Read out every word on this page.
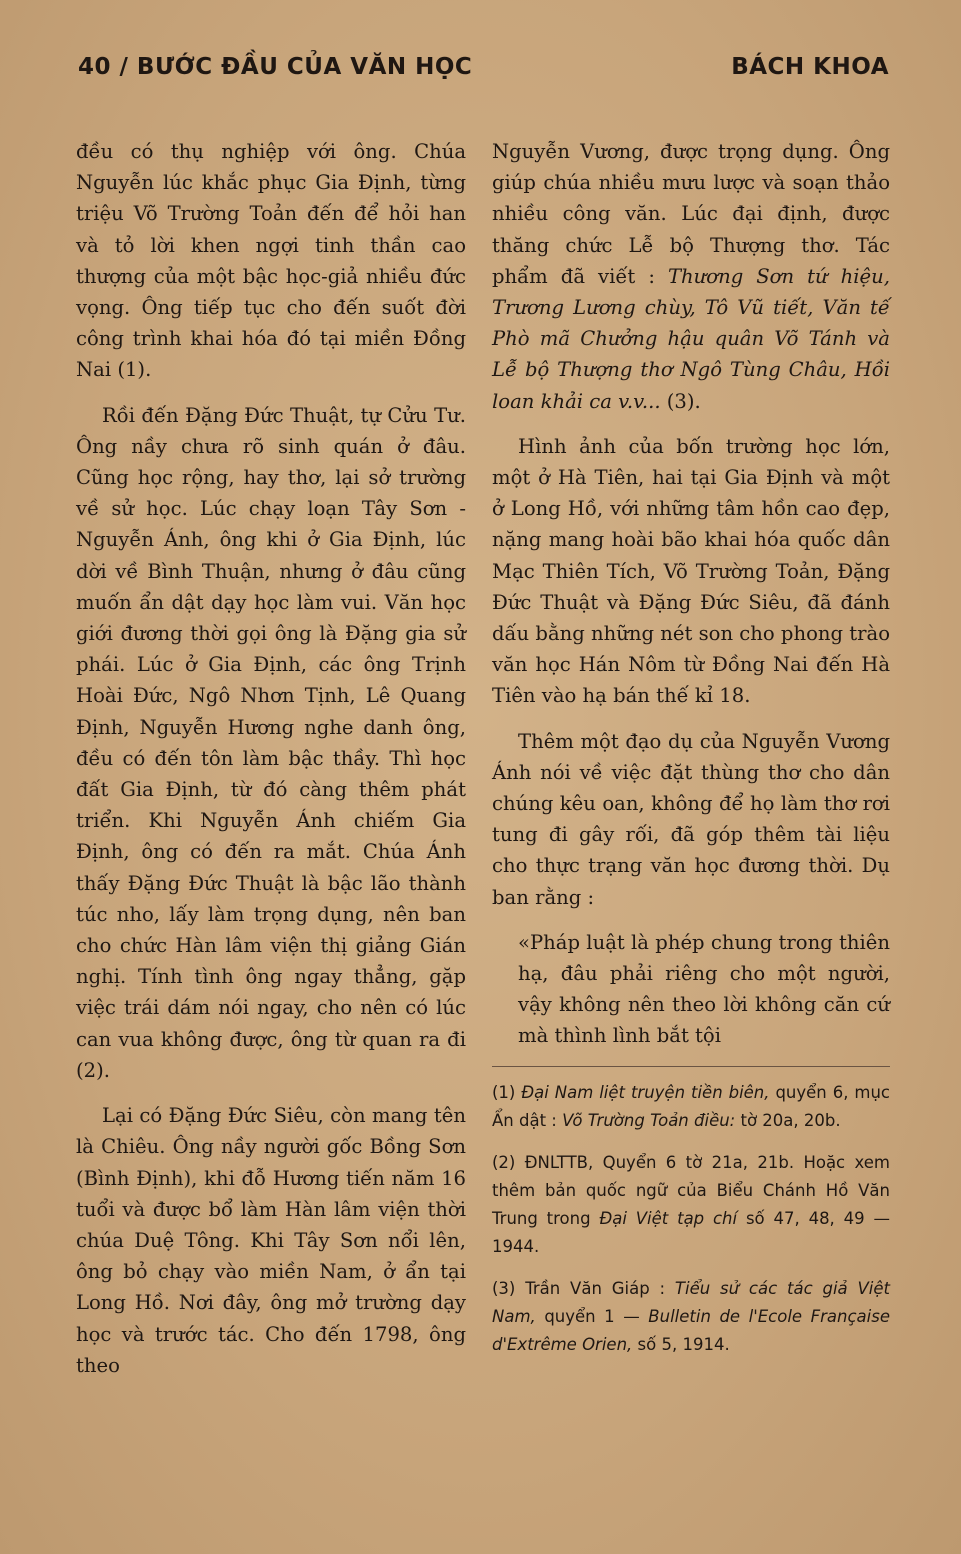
40 / BƯỚC ĐẦU CỦA VĂN HỌC	BÁCH KHOA

đều có thụ nghiệp với ông. Chúa Nguyễn lúc khắc phục Gia Định, từng triệu Võ Trường Toản đến để hỏi han và tỏ lời khen ngợi tinh thần cao thượng của một bậc học-giả nhiều đức vọng. Ông tiếp tục cho đến suốt đời công trình khai hóa đó tại miền Đồng Nai (1).

Rồi đến Đặng Đức Thuật, tự Cửu Tư. Ông nầy chưa rõ sinh quán ở đâu. Cũng học rộng, hay thơ, lại sở trường về sử học. Lúc chạy loạn Tây Sơn - Nguyễn Ánh, ông khi ở Gia Định, lúc dời về Bình Thuận, nhưng ở đâu cũng muốn ẩn dật dạy học làm vui. Văn học giới đương thời gọi ông là Đặng gia sử phái. Lúc ở Gia Định, các ông Trịnh Hoài Đức, Ngô Nhơn Tịnh, Lê Quang Định, Nguyễn Hương nghe danh ông, đều có đến tôn làm bậc thầy. Thì học đất Gia Định, từ đó càng thêm phát triển. Khi Nguyễn Ánh chiếm Gia Định, ông có đến ra mắt. Chúa Ánh thấy Đặng Đức Thuật là bậc lão thành túc nho, lấy làm trọng dụng, nên ban cho chức Hàn lâm viện thị giảng Gián nghị. Tính tình ông ngay thẳng, gặp việc trái dám nói ngay, cho nên có lúc can vua không được, ông từ quan ra đi (2).

Lại có Đặng Đức Siêu, còn mang tên là Chiêu. Ông nầy người gốc Bồng Sơn (Bình Định), khi đỗ Hương tiến năm 16 tuổi và được bổ làm Hàn lâm viện thời chúa Duệ Tông. Khi Tây Sơn nổi lên, ông bỏ chạy vào miền Nam, ở ẩn tại Long Hồ. Nơi đây, ông mở trường dạy học và trước tác. Cho đến 1798, ông theo

Nguyễn Vương, được trọng dụng. Ông giúp chúa nhiều mưu lược và soạn thảo nhiều công văn. Lúc đại định, được thăng chức Lễ bộ Thượng thơ. Tác phẩm đã viết : Thương Sơn tứ hiệu, Trương Lương chùy, Tô Vũ tiết, Văn tế Phò mã Chưởng hậu quân Võ Tánh và Lễ bộ Thượng thơ Ngô Tùng Châu, Hồi loan khải ca v.v... (3).

Hình ảnh của bốn trường học lớn, một ở Hà Tiên, hai tại Gia Định và một ở Long Hồ, với những tâm hồn cao đẹp, nặng mang hoài bão khai hóa quốc dân Mạc Thiên Tích, Võ Trường Toản, Đặng Đức Thuật và Đặng Đức Siêu, đã đánh dấu bằng những nét son cho phong trào văn học Hán Nôm từ Đồng Nai đến Hà Tiên vào hạ bán thế kỉ 18.

Thêm một đạo dụ của Nguyễn Vương Ánh nói về việc đặt thùng thơ cho dân chúng kêu oan, không để họ làm thơ rơi tung đi gây rối, đã góp thêm tài liệu cho thực trạng văn học đương thời. Dụ ban rằng :

«Pháp luật là phép chung trong thiên hạ, đâu phải riêng cho một người, vậy không nên theo lời không căn cứ mà thình lình bắt tội

(1) Đại Nam liệt truyện tiền biên, quyển 6, mục Ẩn dật : Võ Trường Toản điều: tờ 20a, 20b.

(2) ĐNLTTB, Quyển 6 tờ 21a, 21b. Hoặc xem thêm bản quốc ngữ của Biểu Chánh Hồ Văn Trung trong Đại Việt tạp chí số 47, 48, 49 — 1944.

(3) Trần Văn Giáp : Tiểu sử các tác giả Việt Nam, quyển 1 — Bulletin de l'Ecole Française d'Extrême Orien, số 5, 1914.
